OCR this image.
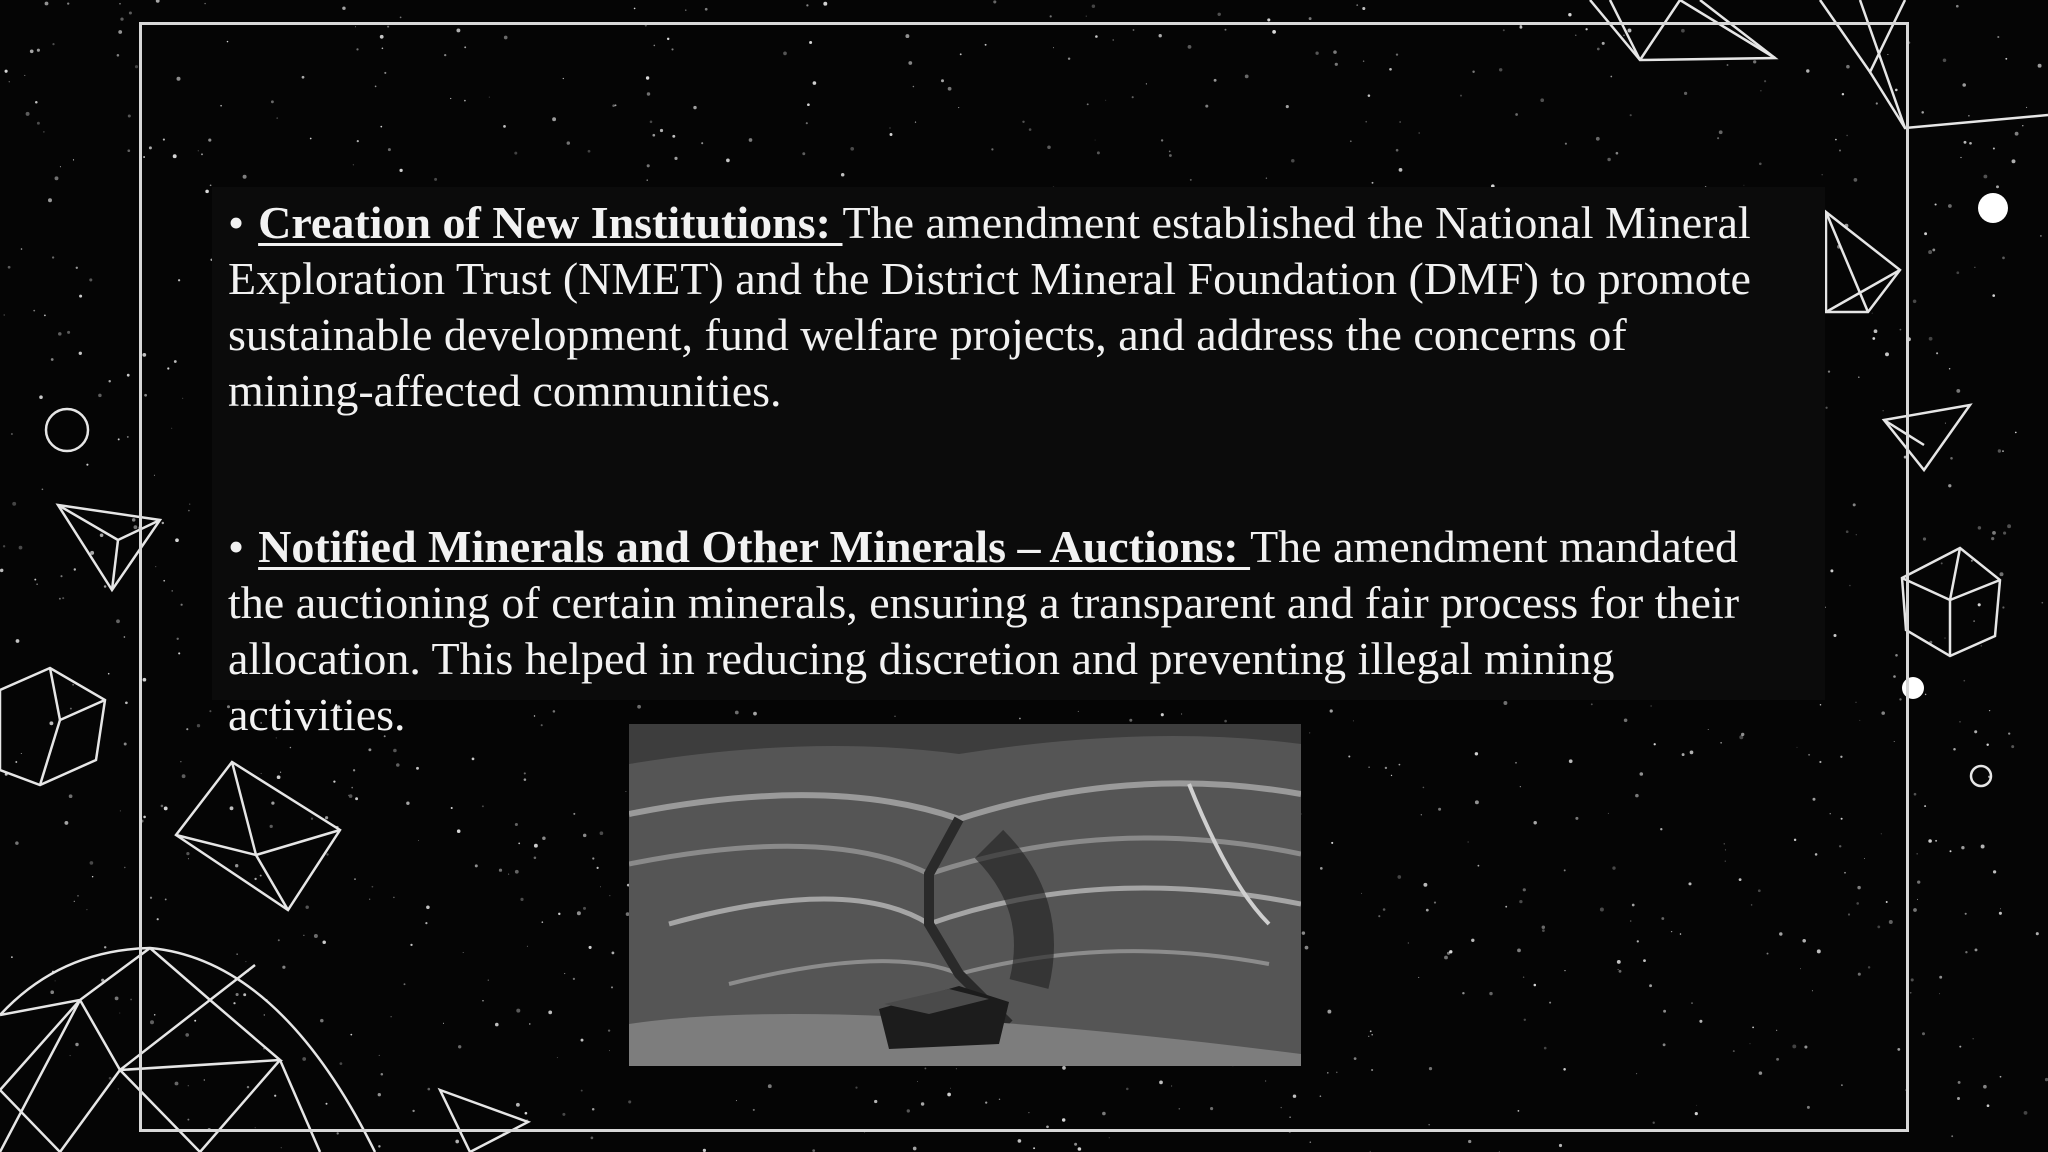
• Creation of New Institutions: The amendment established the National Mineral Exploration Trust (NMET) and the District Mineral Foundation (DMF) to promote sustainable development, fund welfare projects, and address the concerns of mining-affected communities.
• Notified Minerals and Other Minerals – Auctions: The amendment mandated the auctioning of certain minerals, ensuring a transparent and fair process for their allocation. This helped in reducing discretion and preventing illegal mining activities.
